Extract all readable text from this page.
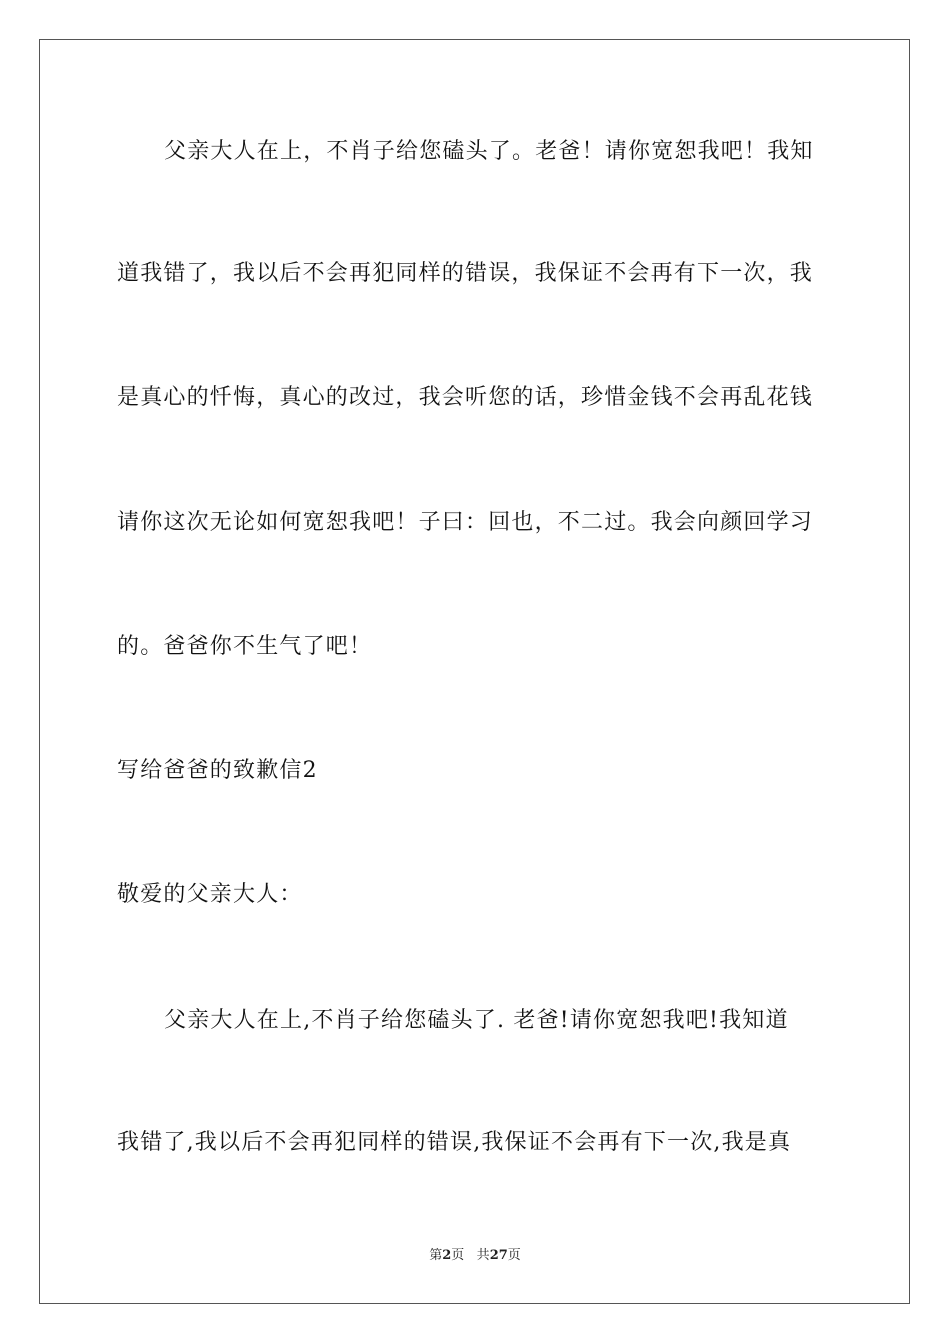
父亲大人在上，不肖子给您磕头了。老爸！请你宽恕我吧！我知
道我错了，我以后不会再犯同样的错误，我保证不会再有下一次，我
是真心的忏悔，真心的改过，我会听您的话，珍惜金钱不会再乱花钱
请你这次无论如何宽恕我吧！子曰：回也，不二过。我会向颜回学习
的。爸爸你不生气了吧！
写给爸爸的致歉信2
敬爱的父亲大人：
父亲大人在上,不肖子给您磕头了. 老爸!请你宽恕我吧!我知道
我错了,我以后不会再犯同样的错误,我保证不会再有下一次,我是真
第2页 共27页
